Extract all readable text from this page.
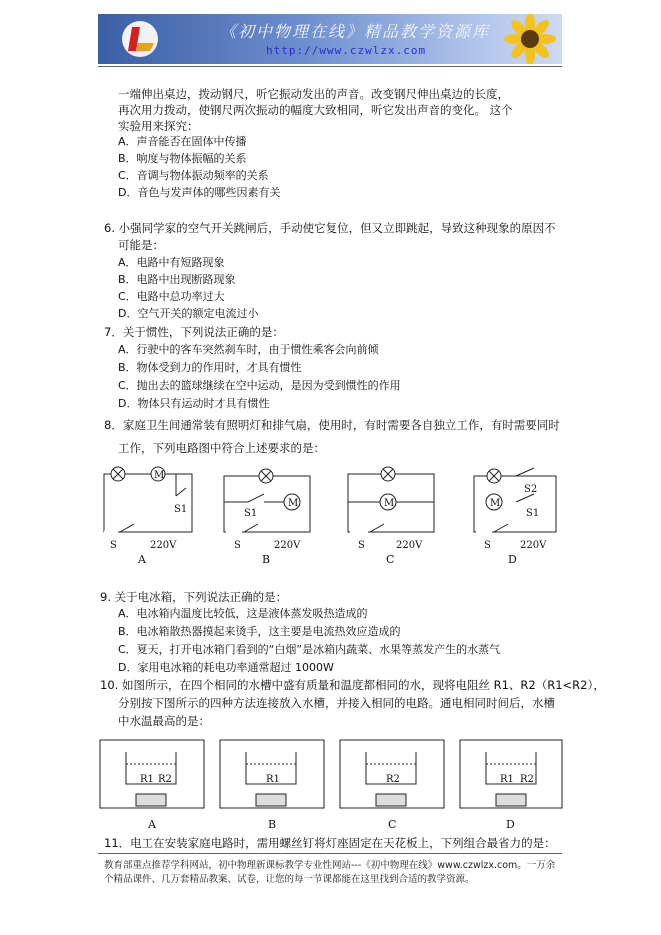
《初中物理在线》精品教学资源库
http://www.czwlzx.com
一端伸出桌边，拨动钢尺，听它振动发出的声音。改变钢尺伸出桌边的长度，
再次用力拨动，使钢尺两次振动的幅度大致相同，听它发出声音的变化。 这个
实验用来探究：
A．声音能否在固体中传播
B．响度与物体振幅的关系
C．音调与物体振动频率的关系
D．音色与发声体的哪些因素有关
6. 小强同学家的空气开关跳闸后，手动使它复位，但又立即跳起，导致这种现象的原因不
可能是：
A．电路中有短路现象
B．电路中出现断路现象
C．电路中总功率过大
D．空气开关的额定电流过小
7．关于惯性，下列说法正确的是：
A．行驶中的客车突然刹车时，由于惯性乘客会向前倾
B．物体受到力的作用时，才具有惯性
C．抛出去的篮球继续在空中运动，是因为受到惯性的作用
D．物体只有运动时才具有惯性
8．家庭卫生间通常装有照明灯和排气扇，使用时，有时需要各自独立工作，有时需要同时
工作，下列电路图中符合上述要求的是：
M
M	M	M
S1	S1	S1
S2
S	S	S	S
220V	220V	220V	220V
A	B	C	D
9. 关于电冰箱，下列说法正确的是：
A．电冰箱内温度比较低，这是液体蒸发吸热造成的
B．电冰箱散热器摸起来烫手，这主要是电流热效应造成的
C．夏天，打开电冰箱门看到的“白烟”是冰箱内蔬菜、水果等蒸发产生的水蒸气
D．家用电冰箱的耗电功率通常超过 1000W
10. 如图所示，在四个相同的水槽中盛有质量和温度都相同的水，现将电阻丝 R1、R2（R1<R2），
分别按下图所示的四种方法连接放入水槽，并接入相同的电路。通电相同时间后，水槽
中水温最高的是：
R1 R2	R1	R2	R1 R2
A	B	C	D
11．电工在安装家庭电路时，需用螺丝钉将灯座固定在天花板上，下列组合最省力的是：
教育部重点推荐学科网站，初中物理新课标教学专业性网站---《初中物理在线》www.czwlzx.com。一万余
个精品课件、几万套精品教案、试卷，让您的每一节课都能在这里找到合适的教学资源。
